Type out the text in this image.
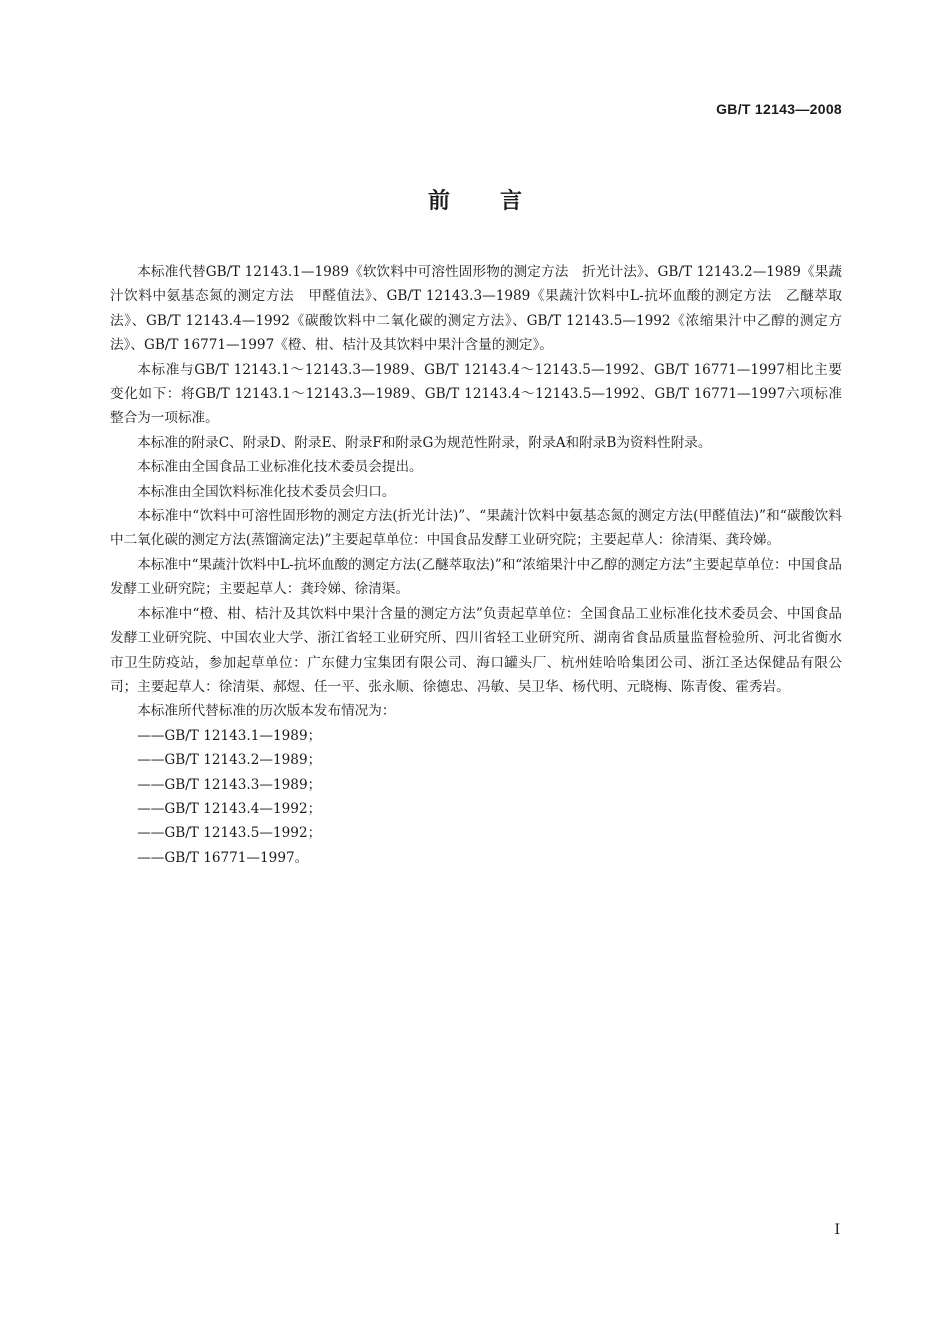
GB/T 12143—2008
前言

本标准代替GB/T 12143.1—1989《软饮料中可溶性固形物的测定方法　折光计法》、GB/T 12143.2—1989《果蔬汁饮料中氨基态氮的测定方法　甲醛值法》、GB/T 12143.3—1989《果蔬汁饮料中L-抗坏血酸的测定方法　乙醚萃取法》、GB/T 12143.4—1992《碳酸饮料中二氧化碳的测定方法》、GB/T 12143.5—1992《浓缩果汁中乙醇的测定方法》、GB/T 16771—1997《橙、柑、桔汁及其饮料中果汁含量的测定》。

本标准与GB/T 12143.1～12143.3—1989、GB/T 12143.4～12143.5—1992、GB/T 16771—1997相比主要变化如下：将GB/T 12143.1～12143.3—1989、GB/T 12143.4～12143.5—1992、GB/T 16771—1997六项标准整合为一项标准。

本标准的附录C、附录D、附录E、附录F和附录G为规范性附录，附录A和附录B为资料性附录。

本标准由全国食品工业标准化技术委员会提出。

本标准由全国饮料标准化技术委员会归口。

本标准中“饮料中可溶性固形物的测定方法(折光计法)”、“果蔬汁饮料中氨基态氮的测定方法(甲醛值法)”和“碳酸饮料中二氧化碳的测定方法(蒸馏滴定法)”主要起草单位：中国食品发酵工业研究院；主要起草人：徐清渠、龚玲娣。

本标准中“果蔬汁饮料中L-抗坏血酸的测定方法(乙醚萃取法)”和“浓缩果汁中乙醇的测定方法”主要起草单位：中国食品发酵工业研究院；主要起草人：龚玲娣、徐清渠。

本标准中“橙、柑、桔汁及其饮料中果汁含量的测定方法”负责起草单位：全国食品工业标准化技术委员会、中国食品发酵工业研究院、中国农业大学、浙江省轻工业研究所、四川省轻工业研究所、湖南省食品质量监督检验所、河北省衡水市卫生防疫站，参加起草单位：广东健力宝集团有限公司、海口罐头厂、杭州娃哈哈集团公司、浙江圣达保健品有限公司；主要起草人：徐清渠、郝煜、任一平、张永顺、徐德忠、冯敏、吴卫华、杨代明、元晓梅、陈青俊、霍秀岩。

本标准所代替标准的历次版本发布情况为：

——GB/T 12143.1—1989；
——GB/T 12143.2—1989；
——GB/T 12143.3—1989；
——GB/T 12143.4—1992；
——GB/T 12143.5—1992；
——GB/T 16771—1997。
I
